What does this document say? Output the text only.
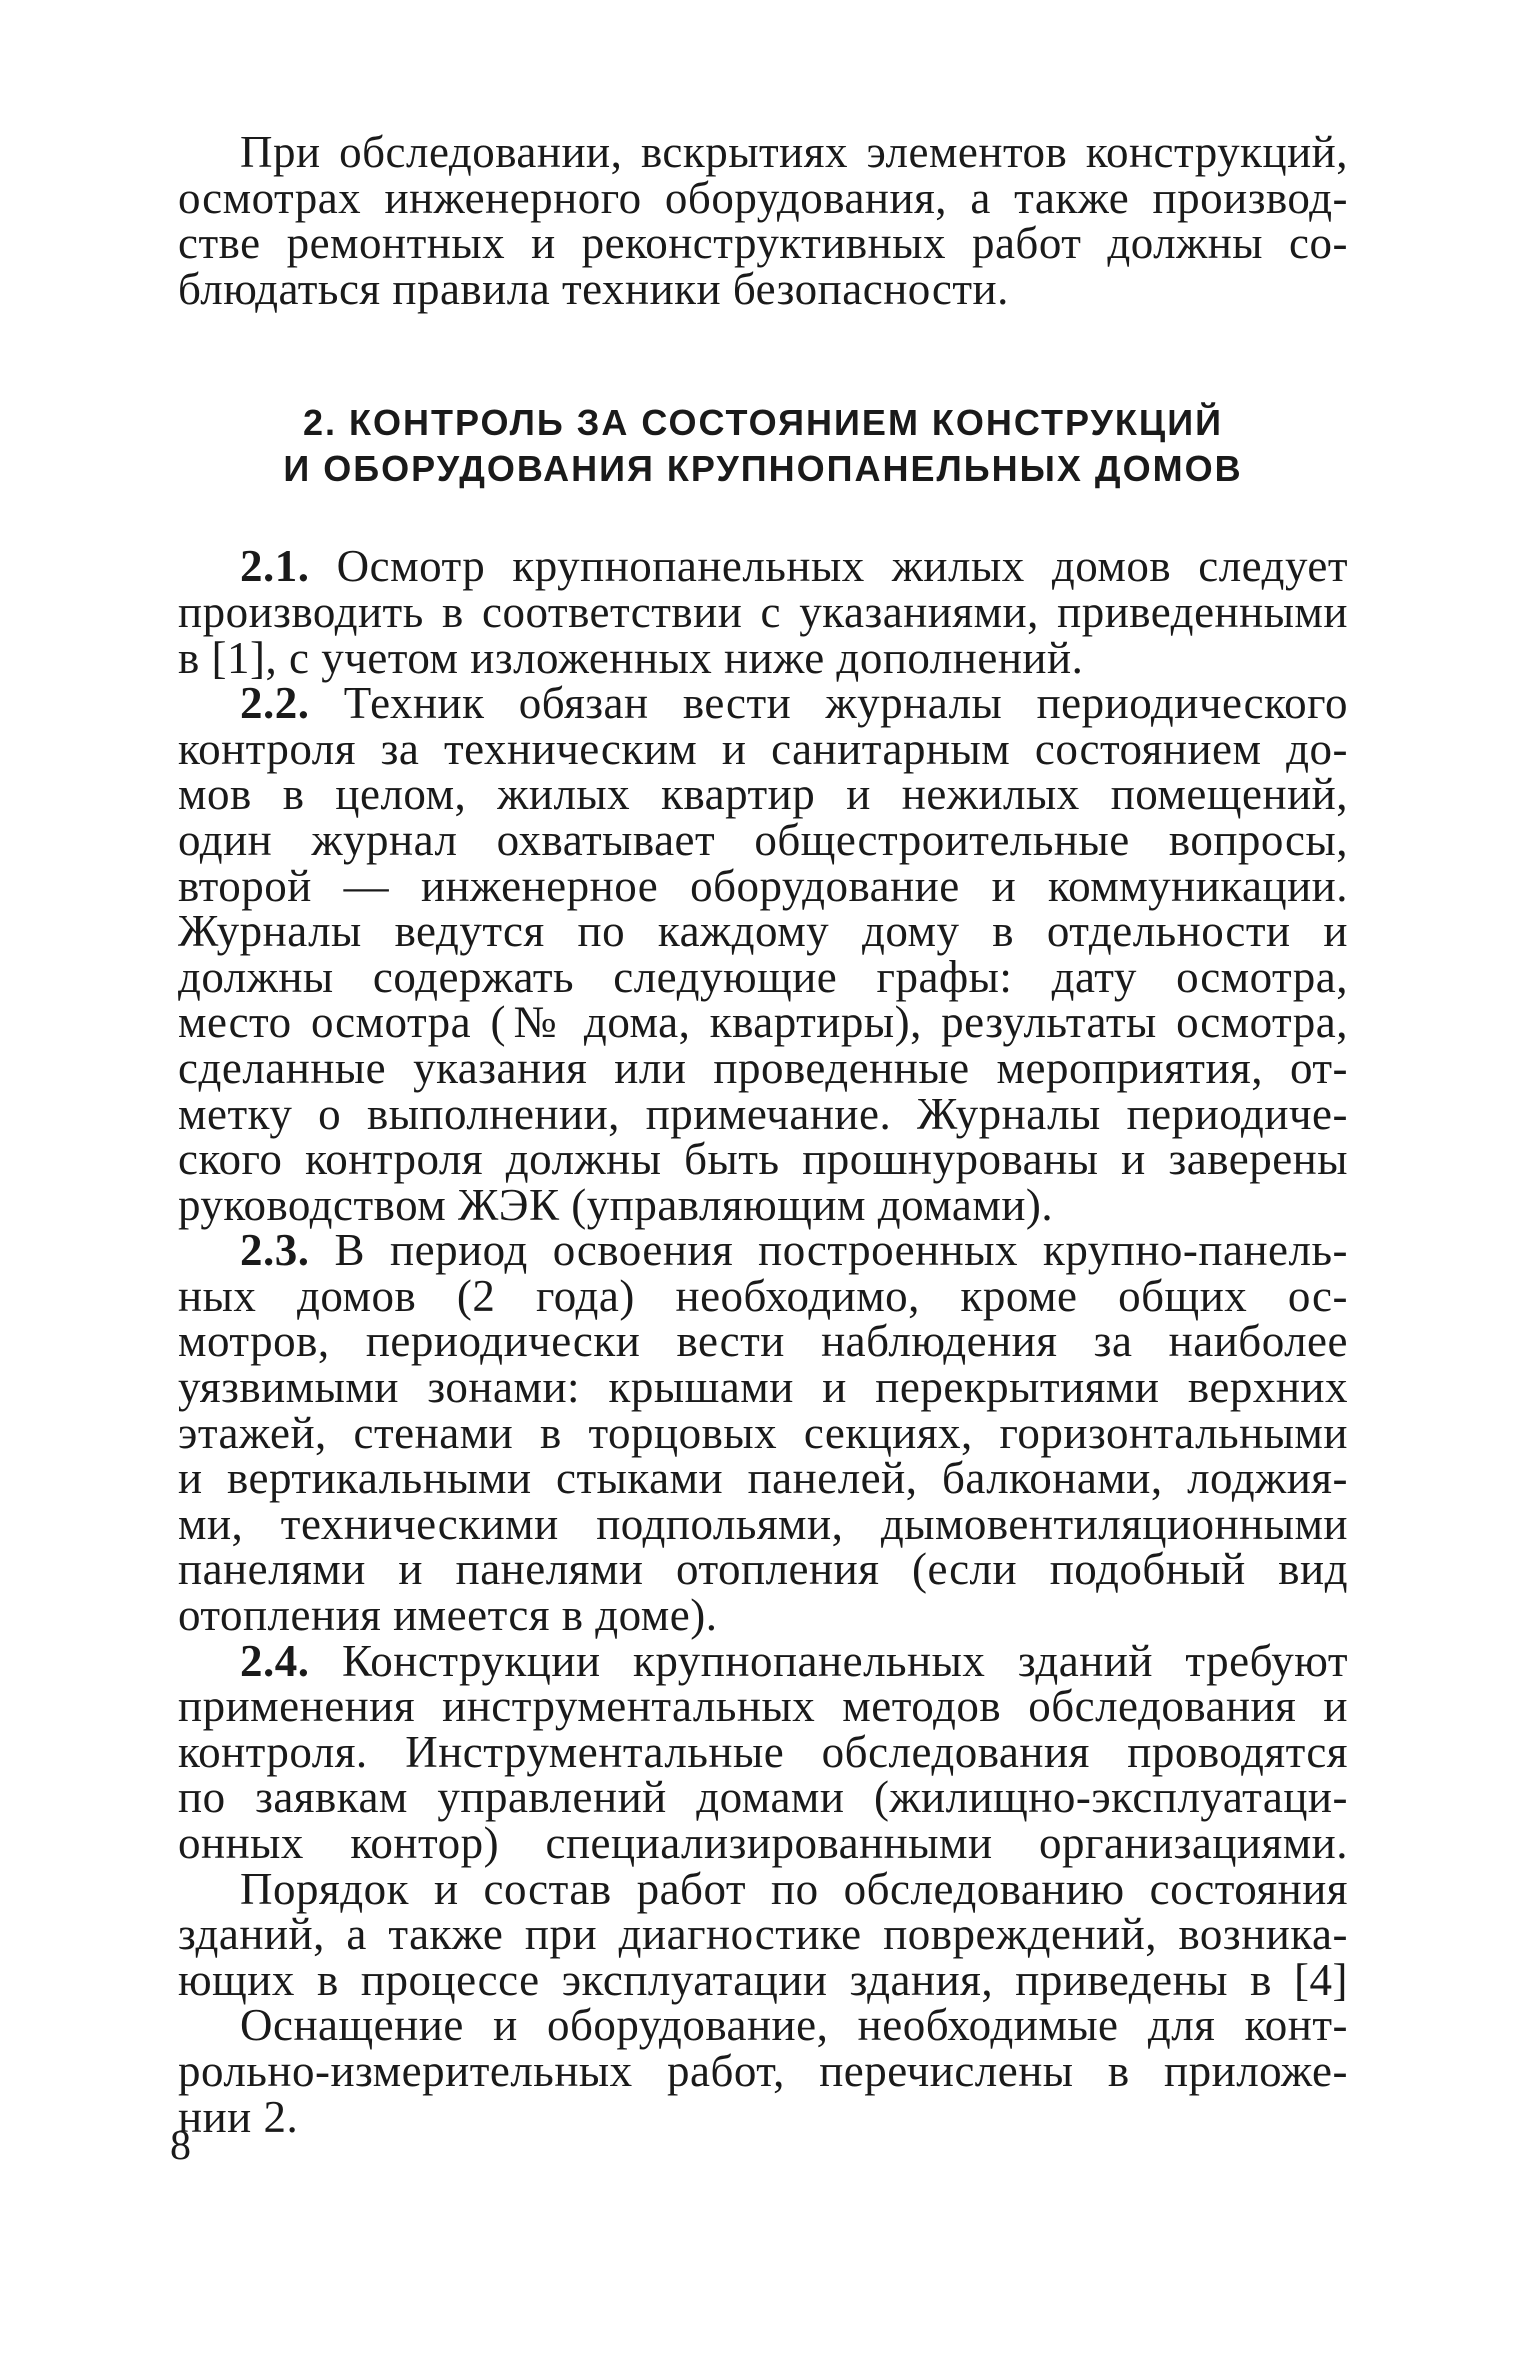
При обследовании, вскрытиях элементов конструкций,
осмотрах инженерного оборудования, а также производ-
стве ремонтных и реконструктивных работ должны со-
блюдаться правила техники безопасности.
2. КОНТРОЛЬ ЗА СОСТОЯНИЕМ КОНСТРУКЦИЙ
И ОБОРУДОВАНИЯ КРУПНОПАНЕЛЬНЫХ ДОМОВ
2.1. Осмотр крупнопанельных жилых домов следует
производить в соответствии с указаниями, приведенными
в [1], с учетом изложенных ниже дополнений.
2.2. Техник обязан вести журналы периодического
контроля за техническим и санитарным состоянием до-
мов в целом, жилых квартир и нежилых помещений,
один журнал охватывает общестроительные вопросы,
второй — инженерное оборудование и коммуникации.
Журналы ведутся по каждому дому в отдельности и
должны содержать следующие графы: дату осмотра,
место осмотра (№ дома, квартиры), результаты осмотра,
сделанные указания или проведенные мероприятия, от-
метку о выполнении, примечание. Журналы периодиче-
ского контроля должны быть прошнурованы и заверены
руководством ЖЭК (управляющим домами).
2.3. В период освоения построенных крупно-панель-
ных домов (2 года) необходимо, кроме общих ос-
мотров, периодически вести наблюдения за наиболее
уязвимыми зонами: крышами и перекрытиями верхних
этажей, стенами в торцовых секциях, горизонтальными
и вертикальными стыками панелей, балконами, лоджия-
ми, техническими подпольями, дымовентиляционными
панелями и панелями отопления (если подобный вид
отопления имеется в доме).
2.4. Конструкции крупнопанельных зданий требуют
применения инструментальных методов обследования и
контроля. Инструментальные обследования проводятся
по заявкам управлений домами (жилищно-эксплуатаци-
онных контор) специализированными организациями.
Порядок и состав работ по обследованию состояния
зданий, а также при диагностике повреждений, возника-
ющих в процессе эксплуатации здания, приведены в [4]
Оснащение и оборудование, необходимые для конт-
рольно-измерительных работ, перечислены в приложе-
нии 2.
8
